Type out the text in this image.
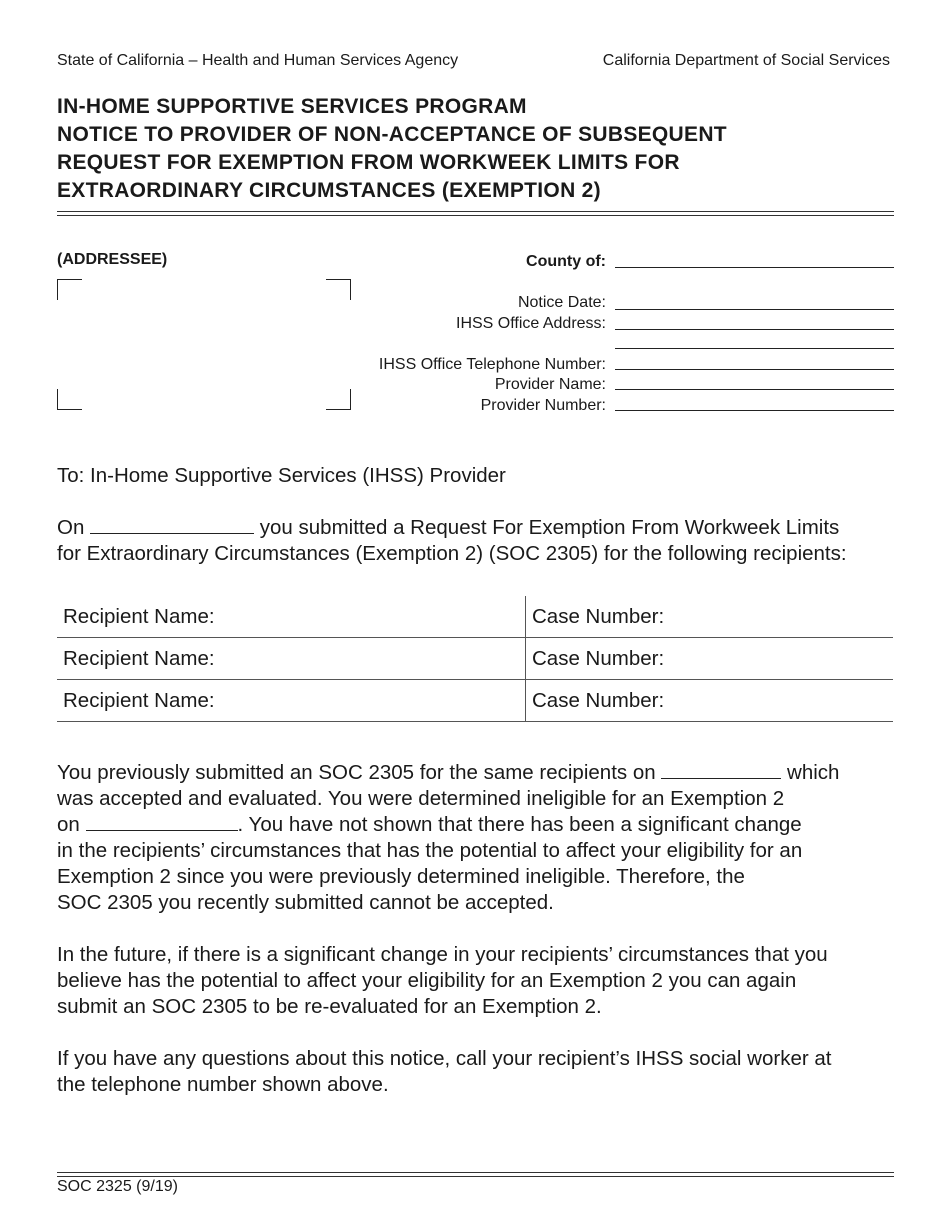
State of California – Health and Human Services Agency	California Department of Social Services
IN-HOME SUPPORTIVE SERVICES PROGRAM
NOTICE TO PROVIDER OF NON-ACCEPTANCE OF SUBSEQUENT
REQUEST FOR EXEMPTION FROM WORKWEEK LIMITS FOR
EXTRAORDINARY CIRCUMSTANCES (EXEMPTION 2)
(ADDRESSEE)	County of:
Notice Date:
IHSS Office Address:
IHSS Office Telephone Number:
Provider Name:
Provider Number:
To: In-Home Supportive Services (IHSS) Provider
On	you submitted a Request For Exemption From Workweek Limits
for Extraordinary Circumstances (Exemption 2) (SOC 2305) for the following recipients:
Recipient Name:	Case Number:
Recipient Name:	Case Number:
Recipient Name:	Case Number:
You previously submitted an SOC 2305 for the same recipients on	which
was accepted and evaluated. You were determined ineligible for an Exemption 2
on	. You have not shown that there has been a significant change
in the recipients’ circumstances that has the potential to affect your eligibility for an
Exemption 2 since you were previously determined ineligible. Therefore, the
SOC 2305 you recently submitted cannot be accepted.
In the future, if there is a significant change in your recipients’ circumstances that you
believe has the potential to affect your eligibility for an Exemption 2 you can again
submit an SOC 2305 to be re-evaluated for an Exemption 2.
If you have any questions about this notice, call your recipient’s IHSS social worker at
the telephone number shown above.
SOC 2325 (9/19)
